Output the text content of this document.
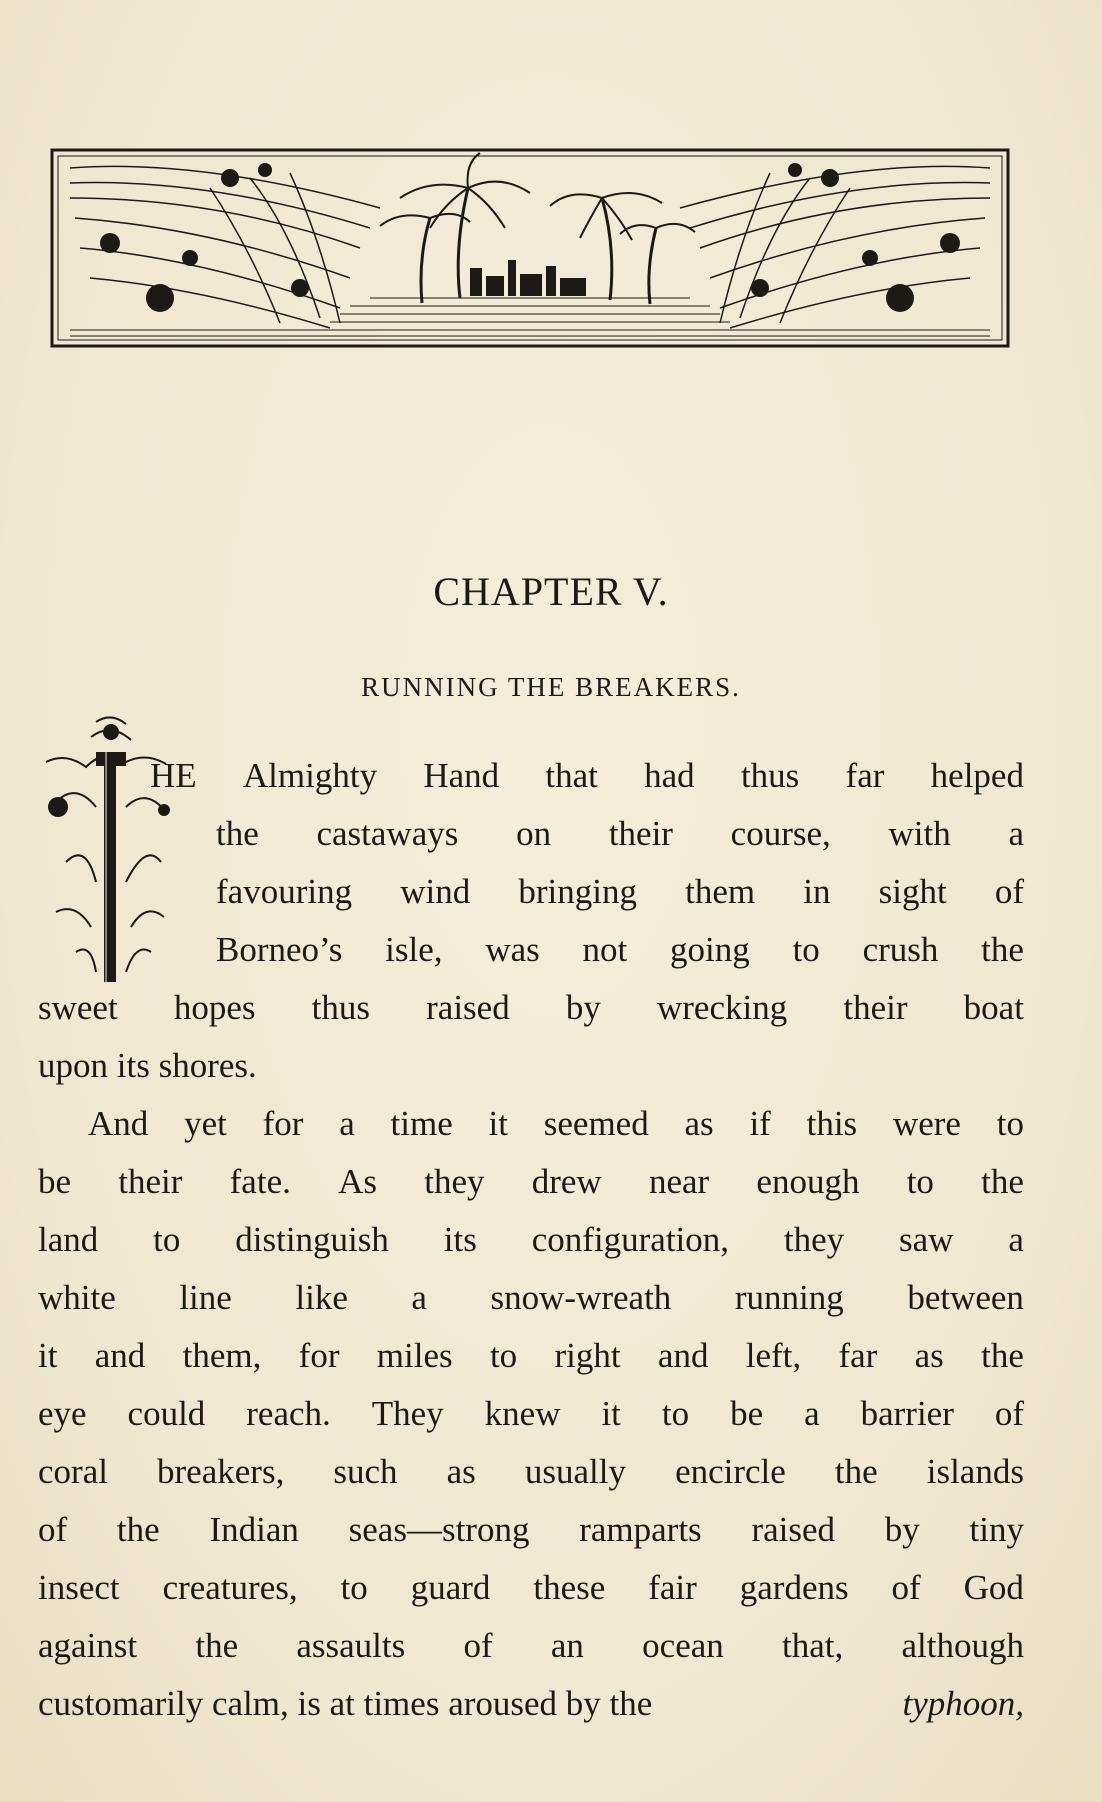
CHAPTER V.
RUNNING THE BREAKERS.
HE Almighty Hand that had thus far helped
the castaways on their course, with a
favouring wind bringing them in sight of
Borneo’s isle, was not going to crush the
sweet hopes thus raised by wrecking their boat
upon its shores.
And yet for a time it seemed as if this were to
be their fate. As they drew near enough to the
land to distinguish its configuration, they saw a
white line like a snow-wreath running between
it and them, for miles to right and left, far as the
eye could reach. They knew it to be a barrier of
coral breakers, such as usually encircle the islands
of the Indian seas—strong ramparts raised by tiny
insect creatures, to guard these fair gardens of God
against the assaults of an ocean that, although
customarily calm, is at times aroused by the	typhoon,
